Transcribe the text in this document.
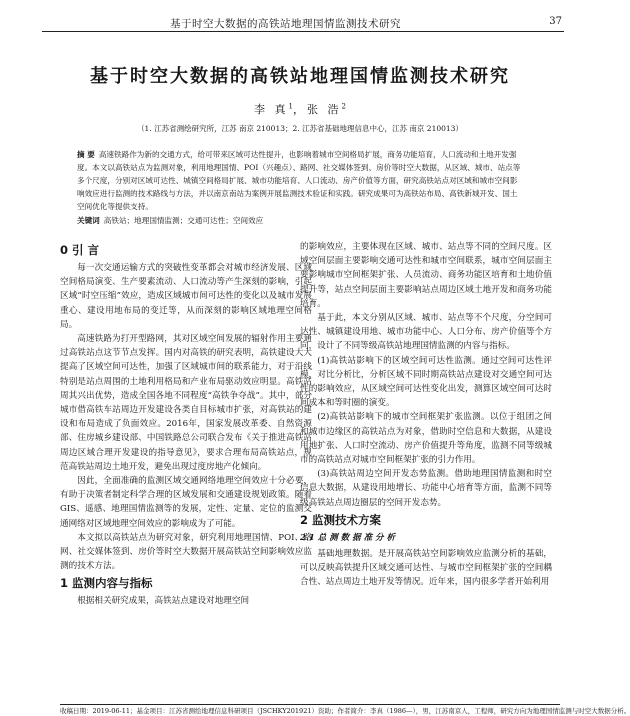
基于时空大数据的高铁站地理国情监测技术研究	37
基于时空大数据的高铁站地理国情监测技术研究
李 真$^1$，张 浩$^2$
（1. 江苏省测绘研究所，江苏 南京 210013；2. 江苏省基础地理信息中心，江苏 南京 210013）
摘 要 高速铁路作为新的交通方式，给可带来区域可达性提升，也影响着城市空间格局扩展，商务功能培育，人口流动和土地开发强度。本文以高铁站点为监测对象，利用地理国情、POI（兴趣点）、路网、社交媒体签到、房价等时空大数据，从区域、城市、站点等多个尺度，分别对区域可达性、城镇空间格局扩展、城市功能培育、人口流动、房产价值等方面，研究高铁站点对区域和城市空间影响效应进行监测的技术路线与方法，并以南京南站为案例开展监测技术验证和实践。研究成果可为高铁站布局、高铁新城开发、国土空间优化等提供支持。
关键词 高铁站；地理国情监测；交通可达性；空间效应
0 引 言

每一次交通运输方式的突破性变革都会对城市经济发展、区域空间格局演变、生产要素流动、人口流动等产生深刻的影响，引起区域“时空压缩”效应，造成区域城市间可达性的变化以及城市发展重心、建设用地布局的变迁等，从而深刻的影响区域地理空间格局。

高速铁路为打开型路网，其对区域空间发展的辐射作用主要通过高铁站点这节节点发挥。国内对高铁的研究表明，高铁建设大大提高了区域空间可达性，加强了区域城市间的联系能力，对于沿线特别是站点周围的土地利用格局和产业布局驱动效应明显。高铁站周其兴出优势，造成全国各地不同程度“高铁争夺战”。其中，部分城市借高铁车站周边开发建设各类自目标城市扩张，对高铁站的建设和布局造成了负面效应。2016年，国家发展改革委、自然资源部、住房城乡建设部、中国铁路总公司联合发布《关于推进高铁站周边区域合理开发建设的指导意见》，要求合理布局高铁站点，规范高铁站周边土地开发，避免出现过度房地产化倾向。

因此，全面准确的监测区域交通网络地理空间效应十分必要，有助于决策者制定科学合理的区域发展和交通建设规划政策。随着GIS、遥感、地理国情监测等的发展，定性、定量、定位的监测交通网络对区域地理空间效应的影响成为了可能。

本文拟以高铁站点为研究对象，研究利用地理国情、POI、路网、社交媒体签到、房价等时空大数据开展高铁站空间影响效应监测的技术方法。

1 监测内容与指标

根据相关研究成果，高铁站点建设对地理空间

的影响效应，主要体现在区域、城市、站点等不同的空间尺度。区域空间层面主要影响交通可达性和城市空间联系，城市空间层面主要影响城市空间框架扩张、人员流动、商务功能区培育和土地价值提升等，站点空间层面主要影响站点周边区域土地开发和商务功能培育。

基于此，本文分别从区域、城市、站点等不个尺度，分空间可达性、城镇建设用地、城市功能中心、人口分布、房产价值等个方向，设计了不同等级高铁站地理国情监测的内容与指标。

(1)高铁站影响下的区域空间可达性监测。通过空间可达性评模，对比分析比，分析区域不同时期高铁站点建设对交通空间可达性的影响效应，从区域空间可达性变化出发，测算区域空间可达时间成本和等时圈的演变。

(2)高铁站影响下的城市空间框架扩张监测。以位于组团之间和城市边缘区的高铁站点为对象，借助时空信息和大数据，从建设用地扩张、人口时空流动、房产价值提升等角度，监测不同等级城市的高铁站点对城市空间框架扩张的引力作用。

(3)高铁站周边空间开发态势监测。借助地理国情监测和时空信息大数据，从建设用地增长、功能中心培育等方面，监测不同等级高铁站点周边圈层的空间开发态势。

2 监测技术方案
2.1 总 测 数 据 准 分 析

基础地理数据。是开展高铁站空间影响效应监测分析的基础，可以反映高铁提升区域交通可达性、与城市空间框架扩张的空间耦合性、站点周边土地开发等情况。近年来，国内很多学者开始利用

收稿日期：2019-06-11；基金项目：江苏省测绘地理信息科研项目（JSCHKY201921）资助；作者简介：李真（1986—），男，江苏南京人，工程师，研究方向为地理国情监测与时空大数据分析。
